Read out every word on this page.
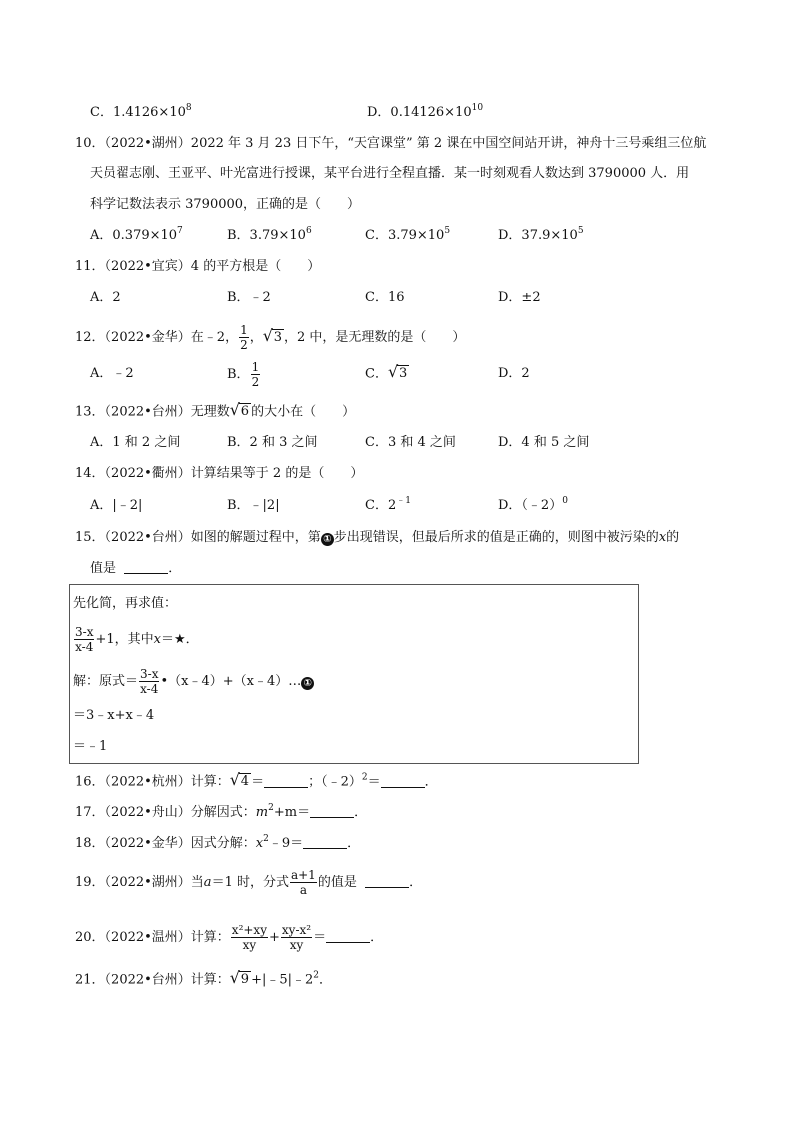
C．$1.4126\times 10^8$	D．$0.14126\times 10^{10}$
10．（2022•湖州）2022 年 3 月 23 日下午，“天宫课堂” 第 2 课在中国空间站开讲，神舟十三号乘组三位航
天员翟志刚、王亚平、叶光富进行授课，某平台进行全程直播．某一时刻观看人数达到 3790000 人．用
科学记数法表示 3790000，正确的是（　　）
A．$0.379\times 10^7$	B．$3.79\times 10^6$	C．$3.79\times 10^5$	D．$37.9\times 10^5$
11．（2022•宜宾）4 的平方根是（　　）
A．2	B．﹣2	C．16	D．±2
12．（2022•金华）在﹣2， $\frac{1}{2}$ ， √ 3 ，2 中，是无理数的是（　　）
A．﹣2	B． $\frac{1}{2}$	C． √ 3	D．2
13．（2022•台州）无理数 √ 6 的大小在（　　）
A．1 和 2 之间	B．2 和 3 之间	C．3 和 4 之间	D．4 和 5 之间
14．（2022•衢州）计算结果等于 2 的是（　　）
A．|﹣2|	B．﹣|2|	C．$2^{﹣1}$	D．（﹣2）$^0$
15．（2022•台州）如图的解题过程中，第 ① 步出现错误，但最后所求的值是正确的，则图中被污染的x的
值是	．
先化简，再求值：
$\frac{3-x}{x-4} +1$，其中x＝★．
解：原式＝ $\frac{3-x}{x-4}$ •（x﹣4）+（x﹣4）… ①
＝3﹣x+x﹣4
＝﹣1
16．（2022•杭州）计算： √ 4 ＝	；（﹣2）$^2$＝	．
17．（2022•舟山）分解因式：$m^2+m=$	．
18．（2022•金华）因式分解：$x^2﹣9=$	．
19．（2022•湖州）当a＝1 时，分式 $\frac{a+1}{a}$ 的值是	．
20．（2022•温州）计算： $\frac{\text{x²+xy}}{xy} + \frac{\text{xy-x²}}{xy}$ ＝	．
21．（2022•台州）计算： √ $9 +|﹣5|﹣2^2$．
